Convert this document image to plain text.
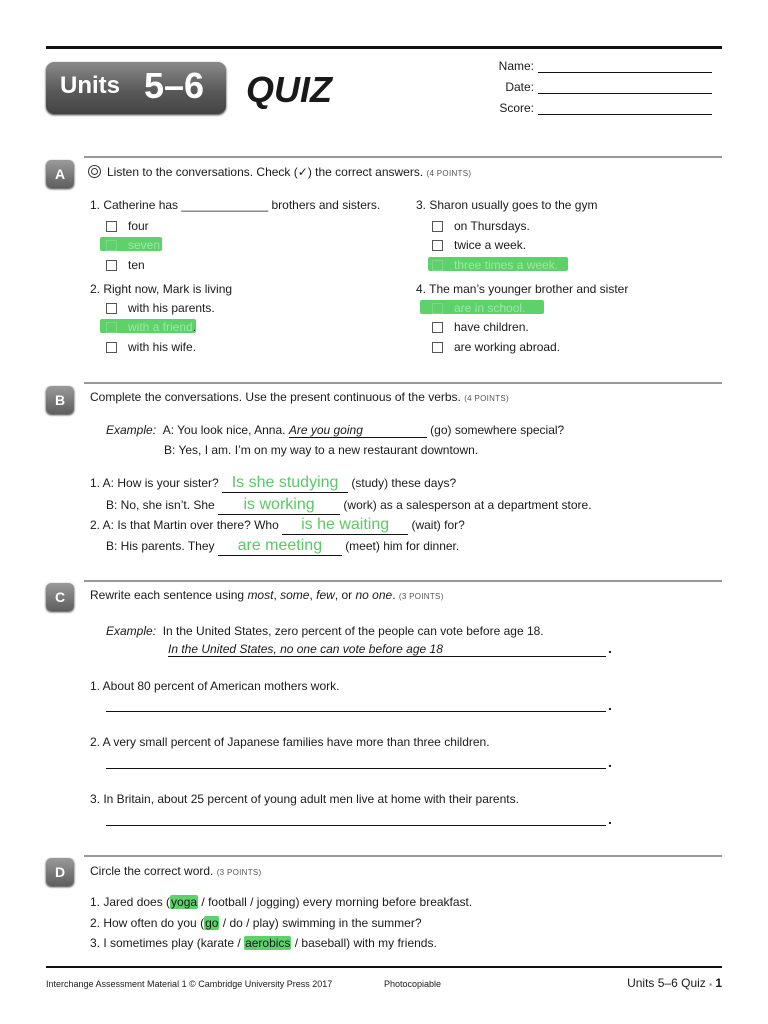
Units 5–6 QUIZ
Name:
Date:
Score:
A	Listen to the conversations. Check (✓) the correct answers. (4 POINTS)
1. Catherine has _____________ brothers and sisters.
four
seven
ten
2. Right now, Mark is living
with his parents.
with a friend.
with his wife.
3. Sharon usually goes to the gym
on Thursdays.
twice a week.
three times a week.
4. The man’s younger brother and sister
are in school.
have children.
are working abroad.
B	Complete the conversations. Use the present continuous of the verbs. (4 POINTS)
Example: A: You look nice, Anna. Are you going	(go) somewhere special?
B: Yes, I am. I’m on my way to a new restaurant downtown.
1. A: How is your sister? Is she studying (study) these days?
B: No, she isn’t. She is working (work) as a salesperson at a department store.
2. A: Is that Martin over there? Who is he waiting (wait) for?
B: His parents. They are meeting (meet) him for dinner.
C	Rewrite each sentence using most, some, few, or no one. (3 POINTS)
Example: In the United States, zero percent of the people can vote before age 18.
In the United States, no one can vote before age 18	.
1. About 80 percent of American mothers work.
.
2. A very small percent of Japanese families have more than three children.
.
3. In Britain, about 25 percent of young adult men live at home with their parents.
.
D	Circle the correct word. (3 POINTS)
1. Jared does (yoga / football / jogging) every morning before breakfast.
2. How often do you (go / do / play) swimming in the summer?
3. I sometimes play (karate / aerobics / baseball) with my friends.
Interchange Assessment Material 1 © Cambridge University Press 2017	Photocopiable	Units 5–6 Quiz ▪ 1
